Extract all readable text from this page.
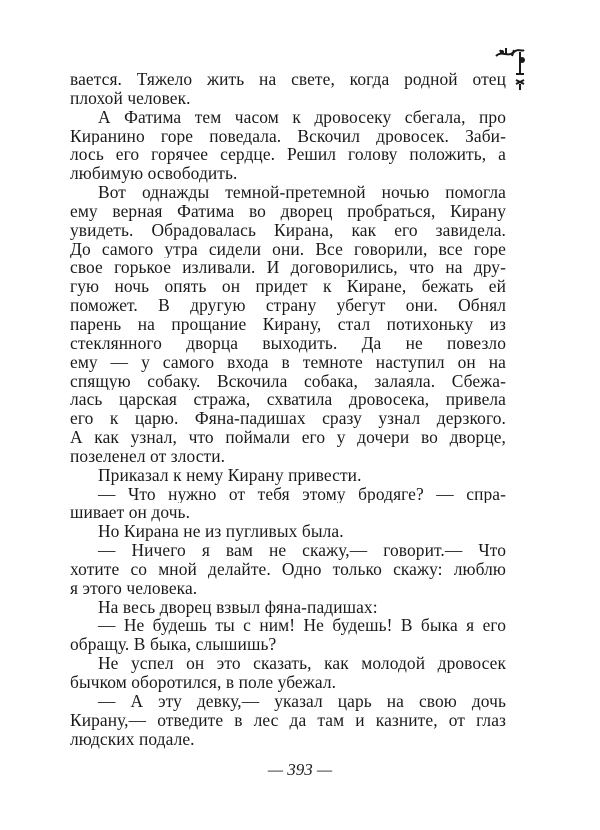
вается. Тяжело жить на свете, когда родной отец
плохой человек.
А Фатима тем часом к дровосеку сбегала, про
Киранино горе поведала. Вскочил дровосек. Заби-
лось его горячее сердце. Решил голову положить, а
любимую освободить.
Вот однажды темной-претемной ночью помогла
ему верная Фатима во дворец пробраться, Кирану
увидеть. Обрадовалась Кирана, как его завидела.
До самого утра сидели они. Все говорили, все горе
свое горькое изливали. И договорились, что на дру-
гую ночь опять он придет к Киране, бежать ей
поможет. В другую страну убегут они. Обнял
парень на прощание Кирану, стал потихоньку из
стеклянного дворца выходить. Да не повезло
ему — у самого входа в темноте наступил он на
спящую собаку. Вскочила собака, залаяла. Сбежа-
лась царская стража, схватила дровосека, привела
его к царю. Фяна-падишах сразу узнал дерзкого.
А как узнал, что поймали его у дочери во дворце,
позеленел от злости.
Приказал к нему Кирану привести.
— Что нужно от тебя этому бродяге? — спра-
шивает он дочь.
Но Кирана не из пугливых была.
— Ничего я вам не скажу,— говорит.— Что
хотите со мной делайте. Одно только скажу: люблю
я этого человека.
На весь дворец взвыл фяна-падишах:
— Не будешь ты с ним! Не будешь! В быка я его
обращу. В быка, слышишь?
Не успел он это сказать, как молодой дровосек
бычком оборотился, в поле убежал.
— А эту девку,— указал царь на свою дочь
Кирану,— отведите в лес да там и казните, от глаз
людских подале.
— 393 —
